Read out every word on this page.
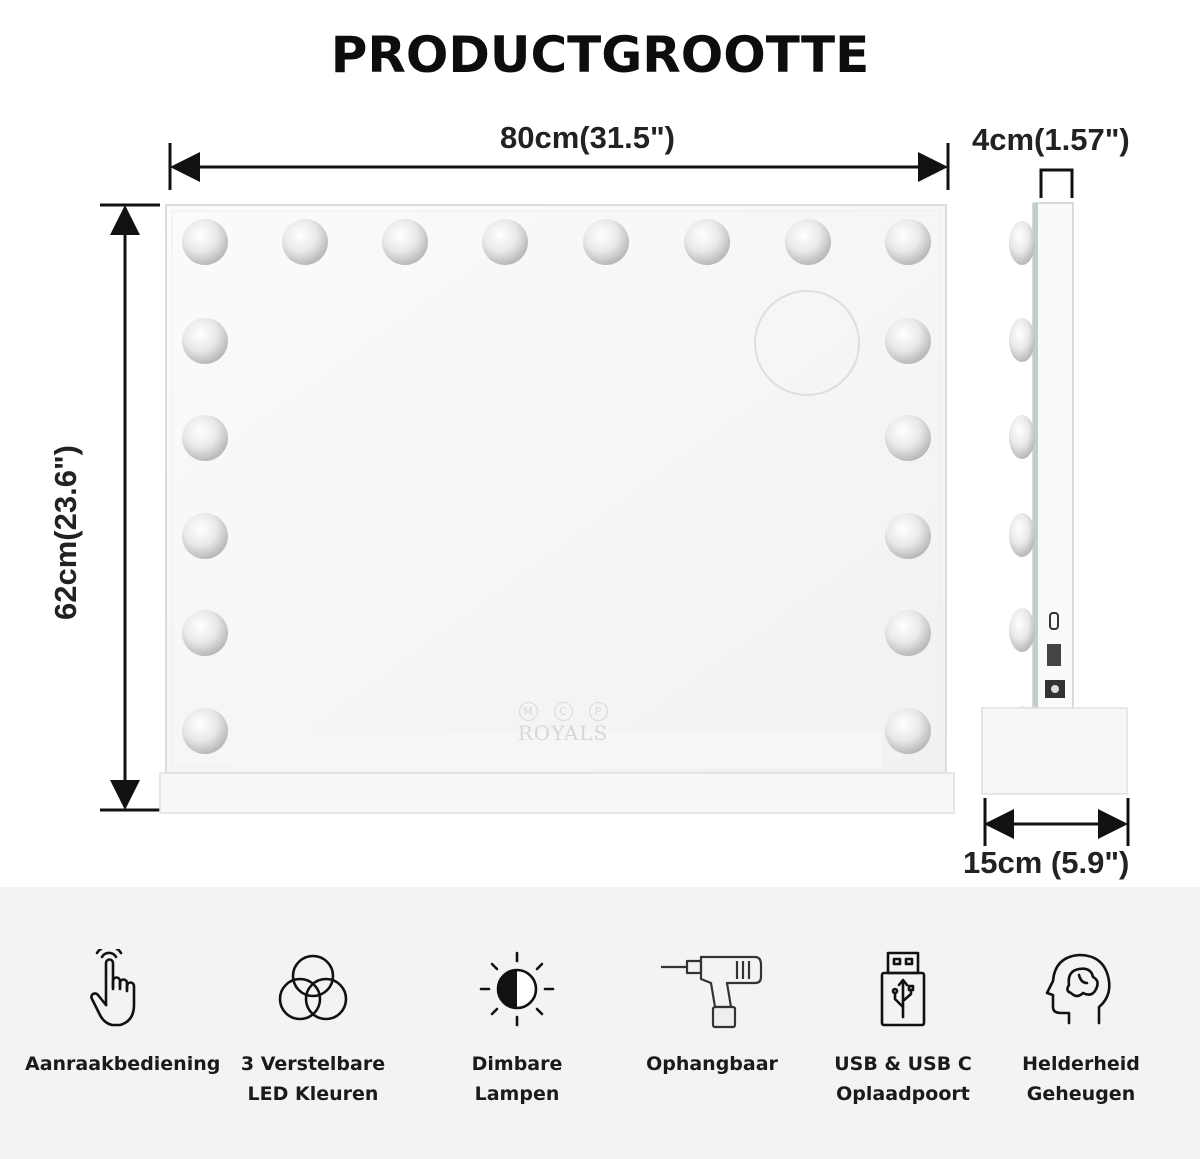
PRODUCTGROOTTE
80cm(31.5")	4cm(1.57")
62cm(23.6")
15cm (5.9")
M C	P
ROYALS
Aanraakbediening	3 Verstelbare
LED Kleuren
Dimbare Lampen
Ophangbaar	USB & USB C
Oplaadpoort
Helderheid
Geheugen
